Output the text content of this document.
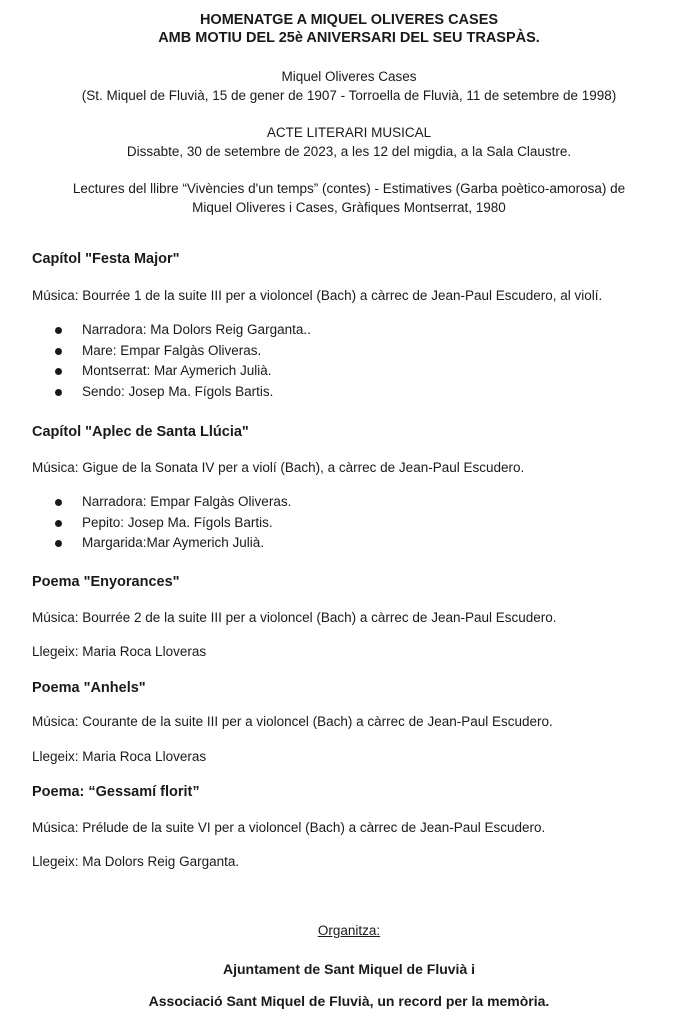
HOMENATGE A MIQUEL OLIVERES CASES
AMB MOTIU DEL 25è ANIVERSARI DEL SEU TRASPÀS.
Miquel Oliveres Cases
(St. Miquel de Fluvià, 15 de gener de 1907 - Torroella de Fluvià, 11 de setembre de 1998)
ACTE LITERARI MUSICAL
Dissabte, 30 de setembre de 2023, a les 12 del migdia, a la Sala Claustre.
Lectures del llibre “Vivències d'un temps” (contes) - Estimatives (Garba poètico-amorosa) de
Miquel Oliveres i Cases, Gràfiques Montserrat, 1980
Capítol "Festa Major"
Música: Bourrée 1 de la suite III per a violoncel (Bach) a càrrec de Jean-Paul Escudero, al violí.
Narradora: Ma Dolors Reig Garganta..
Mare: Empar Falgàs Oliveras.
Montserrat: Mar Aymerich Julià.
Sendo: Josep Ma. Fígols Bartis.
Capítol "Aplec de Santa Llúcia"
Música: Gigue de la Sonata IV per a violí (Bach), a càrrec de Jean-Paul Escudero.
Narradora: Empar Falgàs Oliveras.
Pepito: Josep Ma. Fígols Bartis.
Margarida:Mar Aymerich Julià.
Poema "Enyorances"
Música: Bourrée 2 de la suite III per a violoncel (Bach) a càrrec de Jean-Paul Escudero.
Llegeix: Maria Roca Lloveras
Poema "Anhels"
Música: Courante de la suite III per a violoncel (Bach) a càrrec de Jean-Paul Escudero.
Llegeix: Maria Roca Lloveras
Poema: “Gessamí florit”
Música: Prélude de la suite VI per a violoncel (Bach) a càrrec de Jean-Paul Escudero.
Llegeix: Ma Dolors Reig Garganta.
Organitza:
Ajuntament de Sant Miquel de Fluvià i
Associació Sant Miquel de Fluvià, un record per la memòria.
